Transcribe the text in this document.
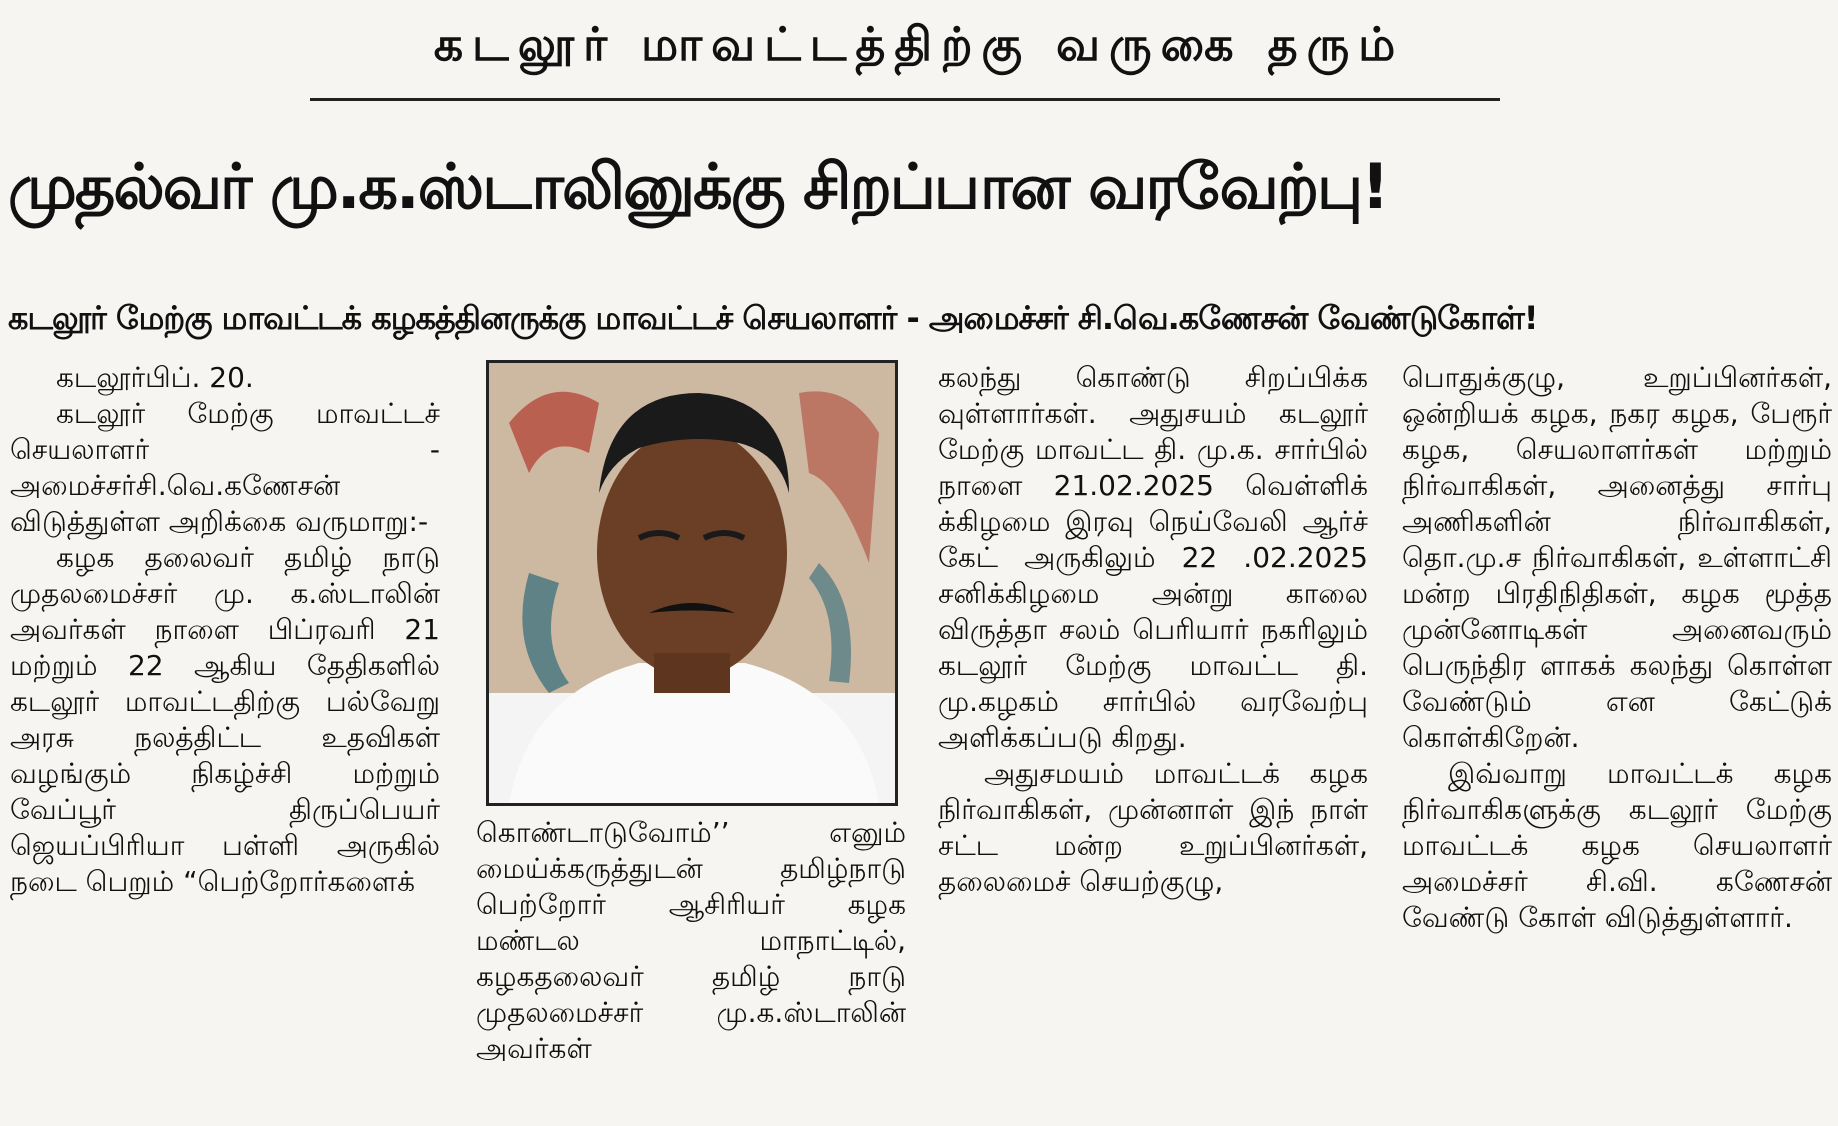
கடலூர் மாவட்டத்திற்கு வருகை தரும்
முதல்வர் மு.க.ஸ்டாலினுக்கு சிறப்பான வரவேற்பு!
கடலூர் மேற்கு மாவட்டக் கழகத்தினருக்கு மாவட்டச் செயலாளர் - அமைச்சர் சி.வெ.கணேசன் வேண்டுகோள்!

கடலூர்பிப். 20.

கடலூர் மேற்கு மாவட்டச் செயலாளர் - அமைச்சர்சி.வெ.கணேசன் விடுத்துள்ள அறிக்கை வருமாறு:-

கழக தலைவர் தமிழ் நாடு முதலமைச்சர் மு. க.ஸ்டாலின் அவர்கள் நாளை பிப்ரவரி 21 மற்றும் 22 ஆகிய தேதிகளில் கடலூர் மாவட்டதிற்கு பல்வேறு அரசு நலத்திட்ட உதவிகள் வழங்கும் நிகழ்ச்சி மற்றும் வேப்பூர் திருப்பெயர் ஜெயப்பிரியா பள்ளி அருகில் நடை பெறும் “பெற்றோர்களைக்

கொண்டாடுவோம்’’ எனும் மைய்க்கருத்துடன் தமிழ்நாடு பெற்றோர் ஆசிரியர் கழக மண்டல மாநாட்டில், கழகதலைவர் தமிழ் நாடு முதலமைச்சர் மு.க.ஸ்டாலின் அவர்கள்

கலந்து கொண்டு சிறப்பிக்க வுள்ளார்கள். அதுசயம் கடலூர் மேற்கு மாவட்ட தி. மு.க. சார்பில் நாளை 21.02.2025 வெள்ளிக் க்கிழமை இரவு நெய்வேலி ஆர்ச் கேட் அருகிலும் 22 .02.2025 சனிக்கிழமை அன்று காலை விருத்தா சலம் பெரியார் நகரிலும் கடலூர் மேற்கு மாவட்ட தி. மு.கழகம் சார்பில் வரவேற்பு அளிக்கப்படு கிறது.

அதுசமயம் மாவட்டக் கழக நிர்வாகிகள், முன்னாள் இந் நாள் சட்ட மன்ற உறுப்பினர்கள், தலைமைச் செயற்குழு,

பொதுக்குழு, உறுப்பினர்கள், ஒன்றியக் கழக, நகர கழக, பேரூர் கழக, செயலாளர்கள் மற்றும் நிர்வாகிகள், அனைத்து சார்பு அணிகளின் நிர்வாகிகள், தொ.மு.ச நிர்வாகிகள், உள்ளாட்சி மன்ற பிரதிநிதிகள், கழக மூத்த முன்னோடிகள் அனைவரும் பெருந்திர ளாகக் கலந்து கொள்ள வேண்டும் என கேட்டுக் கொள்கிறேன்.

இவ்வாறு மாவட்டக் கழக நிர்வாகிகளுக்கு கடலூர் மேற்கு மாவட்டக் கழக செயலாளர் அமைச்சர் சி.வி. கணேசன் வேண்டு கோள் விடுத்துள்ளார்.
